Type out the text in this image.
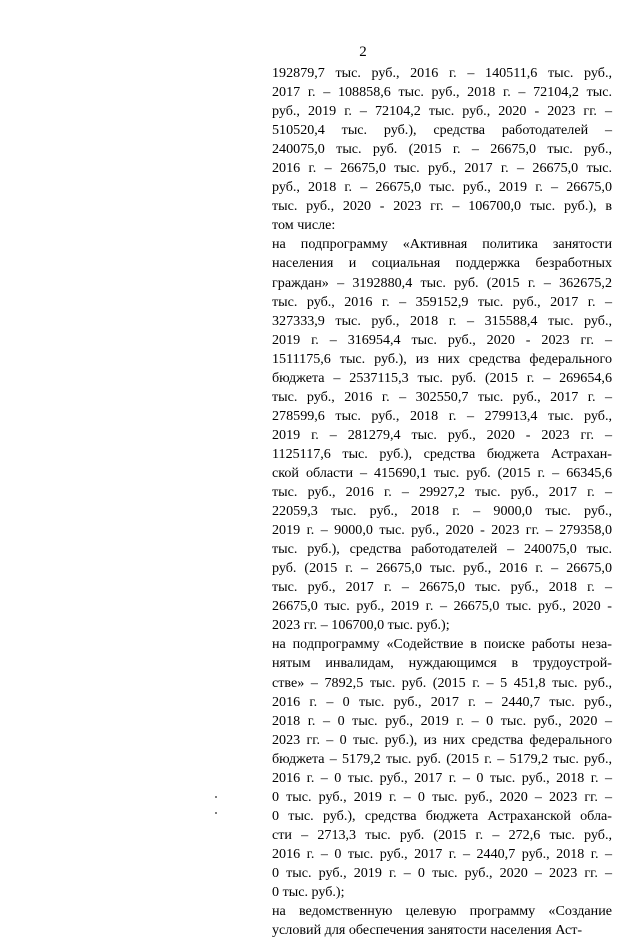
2
192879,7 тыс. руб., 2016 г. – 140511,6 тыс. руб.,
2017 г. – 108858,6 тыс. руб., 2018 г. – 72104,2 тыс.
руб., 2019 г. – 72104,2 тыс. руб., 2020 - 2023 гг. –
510520,4 тыс. руб.), средства работодателей –
240075,0 тыс. руб. (2015 г. – 26675,0 тыс. руб.,
2016 г. – 26675,0 тыс. руб., 2017 г. – 26675,0 тыс.
руб., 2018 г. – 26675,0 тыс. руб., 2019 г. – 26675,0
тыс. руб., 2020 - 2023 гг. – 106700,0 тыс. руб.), в
том числе:
на подпрограмму «Активная политика занятости
населения и социальная поддержка безработных
граждан» – 3192880,4 тыс. руб. (2015 г. – 362675,2
тыс. руб., 2016 г. – 359152,9 тыс. руб., 2017 г. –
327333,9 тыс. руб., 2018 г. – 315588,4 тыс. руб.,
2019 г. – 316954,4 тыс. руб., 2020 - 2023 гг. –
1511175,6 тыс. руб.), из них средства федерального
бюджета – 2537115,3 тыс. руб. (2015 г. – 269654,6
тыс. руб., 2016 г. – 302550,7 тыс. руб., 2017 г. –
278599,6 тыс. руб., 2018 г. – 279913,4 тыс. руб.,
2019 г. – 281279,4 тыс. руб., 2020 - 2023 гг. –
1125117,6 тыс. руб.), средства бюджета Астрахан-
ской области – 415690,1 тыс. руб. (2015 г. – 66345,6
тыс. руб., 2016 г. – 29927,2 тыс. руб., 2017 г. –
22059,3 тыс. руб., 2018 г. – 9000,0 тыс. руб.,
2019 г. – 9000,0 тыс. руб., 2020 - 2023 гг. – 279358,0
тыс. руб.), средства работодателей – 240075,0 тыс.
руб. (2015 г. – 26675,0 тыс. руб., 2016 г. – 26675,0
тыс. руб., 2017 г. – 26675,0 тыс. руб., 2018 г. –
26675,0 тыс. руб., 2019 г. – 26675,0 тыс. руб., 2020 -
2023 гг. – 106700,0 тыс. руб.);
на подпрограмму «Содействие в поиске работы неза-
нятым инвалидам, нуждающимся в трудоустрой-
стве» – 7892,5 тыс. руб. (2015 г. – 5 451,8 тыс. руб.,
2016 г. – 0 тыс. руб., 2017 г. – 2440,7 тыс. руб.,
2018 г. – 0 тыс. руб., 2019 г. – 0 тыс. руб., 2020 –
2023 гг. – 0 тыс. руб.), из них средства федерального
бюджета – 5179,2 тыс. руб. (2015 г. – 5179,2 тыс. руб.,
2016 г. – 0 тыс. руб., 2017 г. – 0 тыс. руб., 2018 г. –
0 тыс. руб., 2019 г. – 0 тыс. руб., 2020 – 2023 гг. –
0 тыс. руб.), средства бюджета Астраханской обла-
сти – 2713,3 тыс. руб. (2015 г. – 272,6 тыс. руб.,
2016 г. – 0 тыс. руб., 2017 г. – 2440,7 руб., 2018 г. –
0 тыс. руб., 2019 г. – 0 тыс. руб., 2020 – 2023 гг. –
0 тыс. руб.);
на ведомственную целевую программу «Создание
условий для обеспечения занятости населения Аст-
